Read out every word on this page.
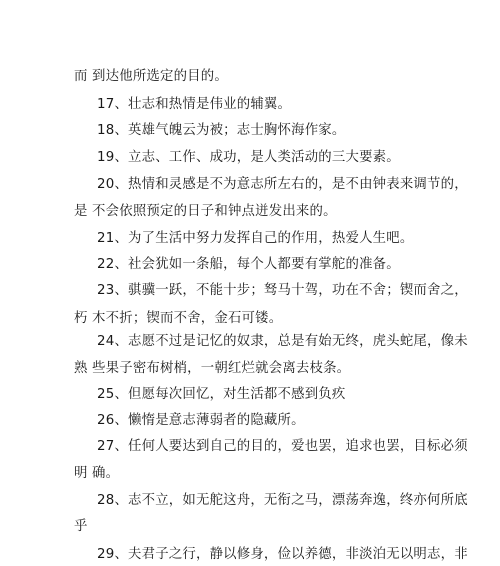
而 到达他所选定的目的。
17、壮志和热情是伟业的辅翼。
18、英雄气魄云为被；志士胸怀海作家。
19、立志、工作、成功，是人类活动的三大要素。
20、热情和灵感是不为意志所左右的，是不由钟表来调节的，
是 不会依照预定的日子和钟点迸发出来的。
21、为了生活中努力发挥自己的作用，热爱人生吧。
22、社会犹如一条船，每个人都要有掌舵的准备。
23、骐骥一跃，不能十步；驽马十驾，功在不舍；锲而舍之，
朽 木不折；锲而不舍，金石可镂。
24、志愿不过是记忆的奴隶，总是有始无终，虎头蛇尾，像未
熟 些果子密布树梢，一朝红烂就会离去枝条。
25、但愿每次回忆，对生活都不感到负疚
26、懒惰是意志薄弱者的隐藏所。
27、任何人要达到自己的目的，爱也罢，追求也罢，目标必须
明 确。
28、志不立，如无舵这舟，无衔之马，漂荡奔逸，终亦何所底
乎
29、夫君子之行，静以修身，俭以养德，非淡泊无以明志，非
